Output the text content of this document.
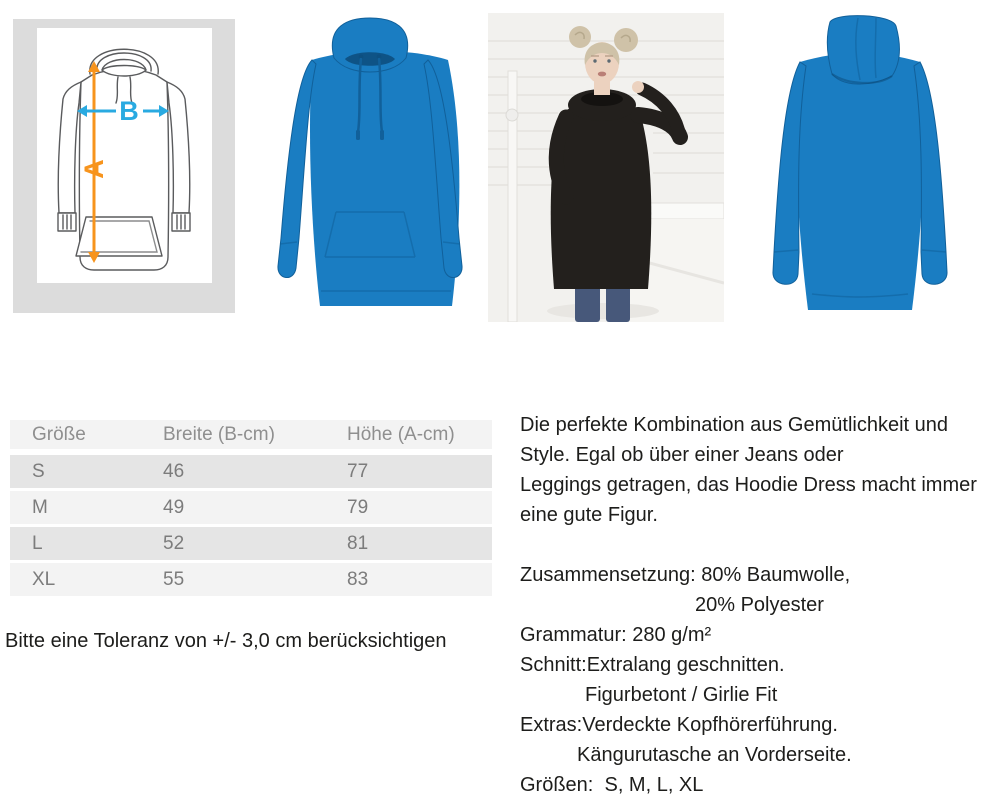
A
B
Größe	Breite (B-cm)	Höhe (A-cm)
S	46	77
M	49	79
L	52	81
XL	55	83
Bitte eine Toleranz von +/- 3,0 cm berücksichtigen
Die perfekte Kombination aus Gemütlichkeit und
Style. Egal ob über einer Jeans oder
Leggings getragen, das Hoodie Dress macht immer
eine gute Figur.
Zusammensetzung: 80% Baumwolle,
20% Polyester
Grammatur: 280 g/m²
Schnitt:Extralang geschnitten.
Figurbetont / Girlie Fit
Extras:Verdeckte Kopfhörerführung.
Kängurutasche an Vorderseite.
Größen:  S, M, L, XL
